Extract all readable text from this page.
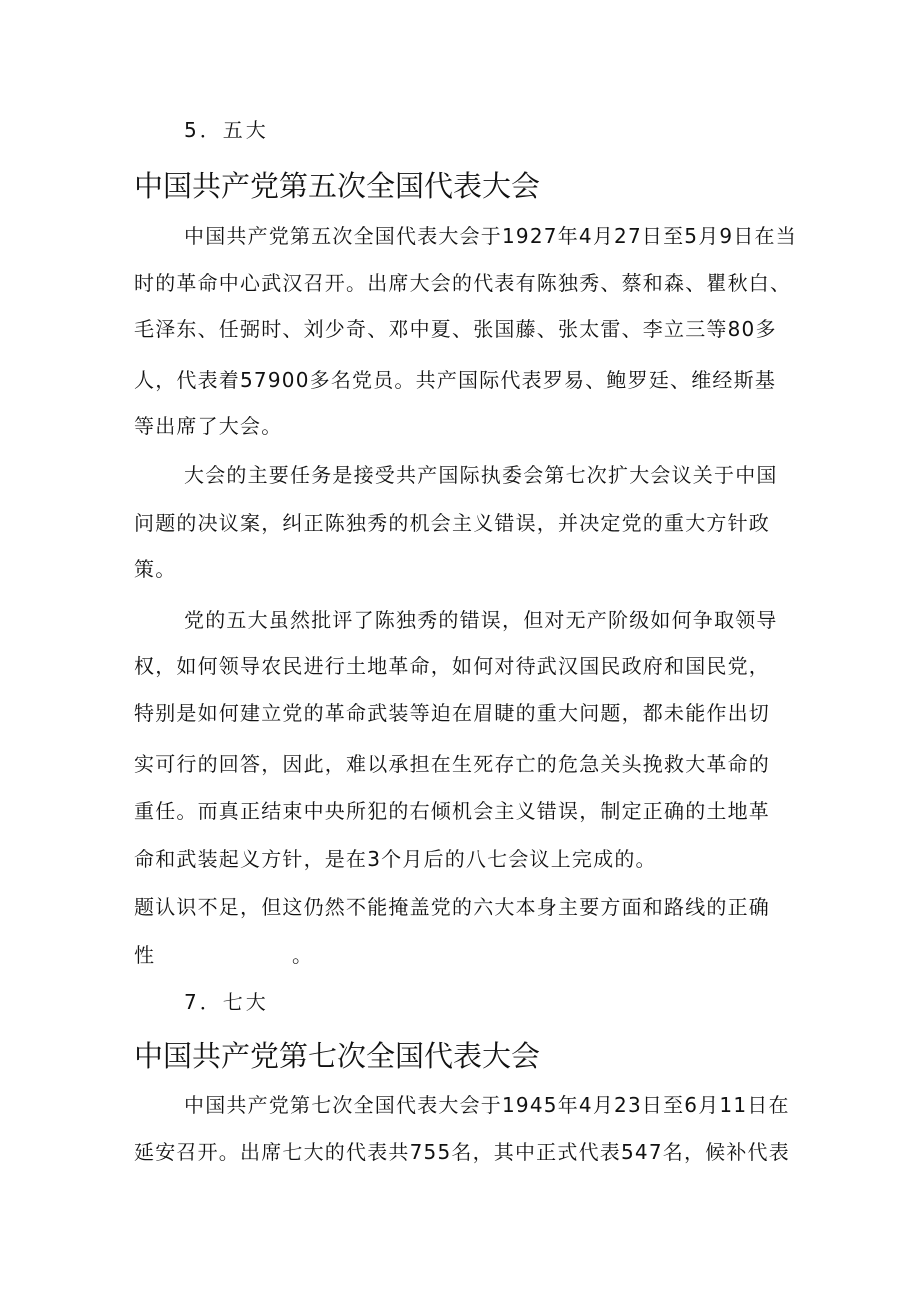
5．五大
中国共产党第五次全国代表大会
中国共产党第五次全国代表大会于1927年4月27日至5月9日在当
时的革命中心武汉召开。出席大会的代表有陈独秀、蔡和森、瞿秋白、
毛泽东、任弼时、刘少奇、邓中夏、张国藤、张太雷、李立三等80多
人，代表着57900多名党员。共产国际代表罗易、鲍罗廷、维经斯基
等出席了大会。
大会的主要任务是接受共产国际执委会第七次扩大会议关于中国
问题的决议案，纠正陈独秀的机会主义错误，并决定党的重大方针政
策。
党的五大虽然批评了陈独秀的错误，但对无产阶级如何争取领导
权，如何领导农民进行土地革命，如何对待武汉国民政府和国民党，
特别是如何建立党的革命武装等迫在眉睫的重大问题，都未能作出切
实可行的回答，因此，难以承担在生死存亡的危急关头挽救大革命的
重任。而真正结束中央所犯的右倾机会主义错误，制定正确的土地革
命和武装起义方针，是在3个月后的八七会议上完成的。
题认识不足，但这仍然不能掩盖党的六大本身主要方面和路线的正确
性	。
7．七大
中国共产党第七次全国代表大会
中国共产党第七次全国代表大会于1945年4月23日至6月11日在
延安召开。出席七大的代表共755名，其中正式代表547名，候补代表
